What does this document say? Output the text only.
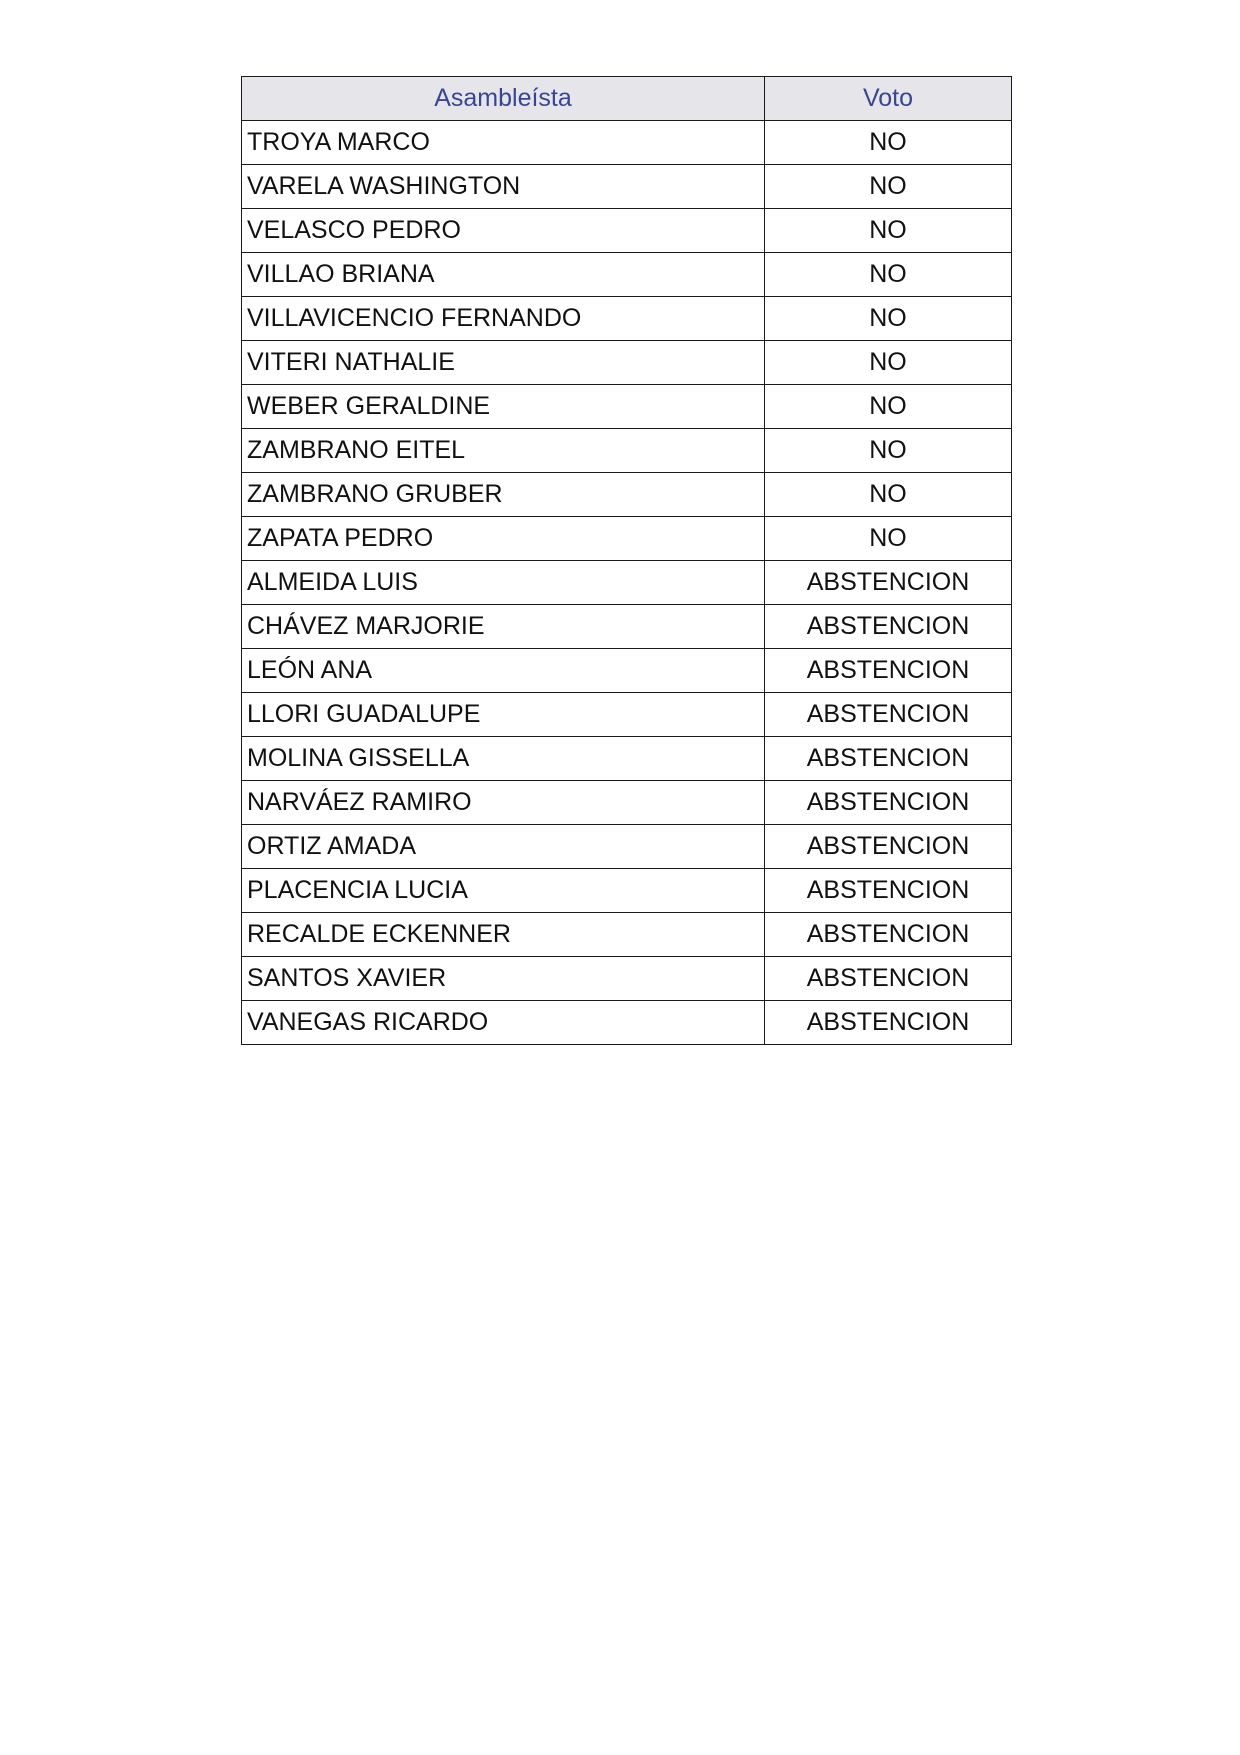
Asambleísta	Voto
TROYA MARCO	NO
VARELA WASHINGTON	NO
VELASCO PEDRO	NO
VILLAO BRIANA	NO
VILLAVICENCIO FERNANDO	NO
VITERI NATHALIE	NO
WEBER GERALDINE	NO
ZAMBRANO EITEL	NO
ZAMBRANO GRUBER	NO
ZAPATA PEDRO	NO
ALMEIDA LUIS	ABSTENCION
CHÁVEZ MARJORIE	ABSTENCION
LEÓN ANA	ABSTENCION
LLORI GUADALUPE	ABSTENCION
MOLINA GISSELLA	ABSTENCION
NARVÁEZ RAMIRO	ABSTENCION
ORTIZ AMADA	ABSTENCION
PLACENCIA LUCIA	ABSTENCION
RECALDE ECKENNER	ABSTENCION
SANTOS XAVIER	ABSTENCION
VANEGAS RICARDO	ABSTENCION
